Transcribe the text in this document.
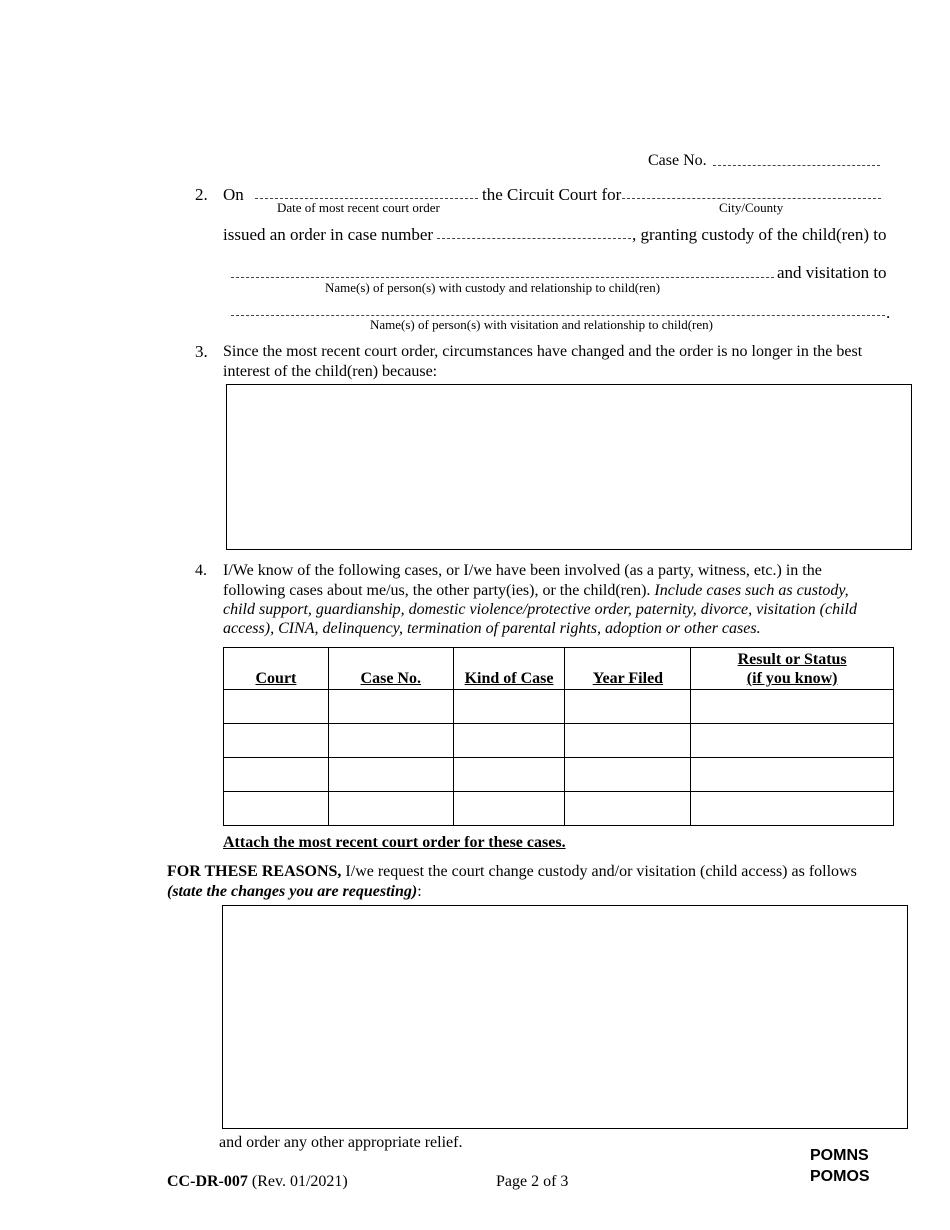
Case No.
2. On
Date of most recent court order
the Circuit Court for
City/County
issued an order in case number	, granting custody of the child(ren) to
and visitation to
Name(s) of person(s) with custody and relationship to child(ren)
.
Name(s) of person(s) with visitation and relationship to child(ren)
3. Since the most recent court order, circumstances have changed and the order is no longer in the best
interest of the child(ren) because:
4. I/We know of the following cases, or I/we have been involved (as a party, witness, etc.) in the
following cases about me/us, the other party(ies), or the child(ren). Include cases such as custody,
child support, guardianship, domestic violence/protective order, paternity, divorce, visitation (child
access), CINA, delinquency, termination of parental rights, adoption or other cases.
Court	Case No.	Kind of Case	Year Filed	Result or Status
(if you know)

Attach the most recent court order for these cases.
FOR THESE REASONS, I/we request the court change custody and/or visitation (child access) as follows
(state the changes you are requesting):
and order any other appropriate relief.
CC-DR-007 (Rev. 01/2021)	Page 2 of 3
POMNS
POMOS
